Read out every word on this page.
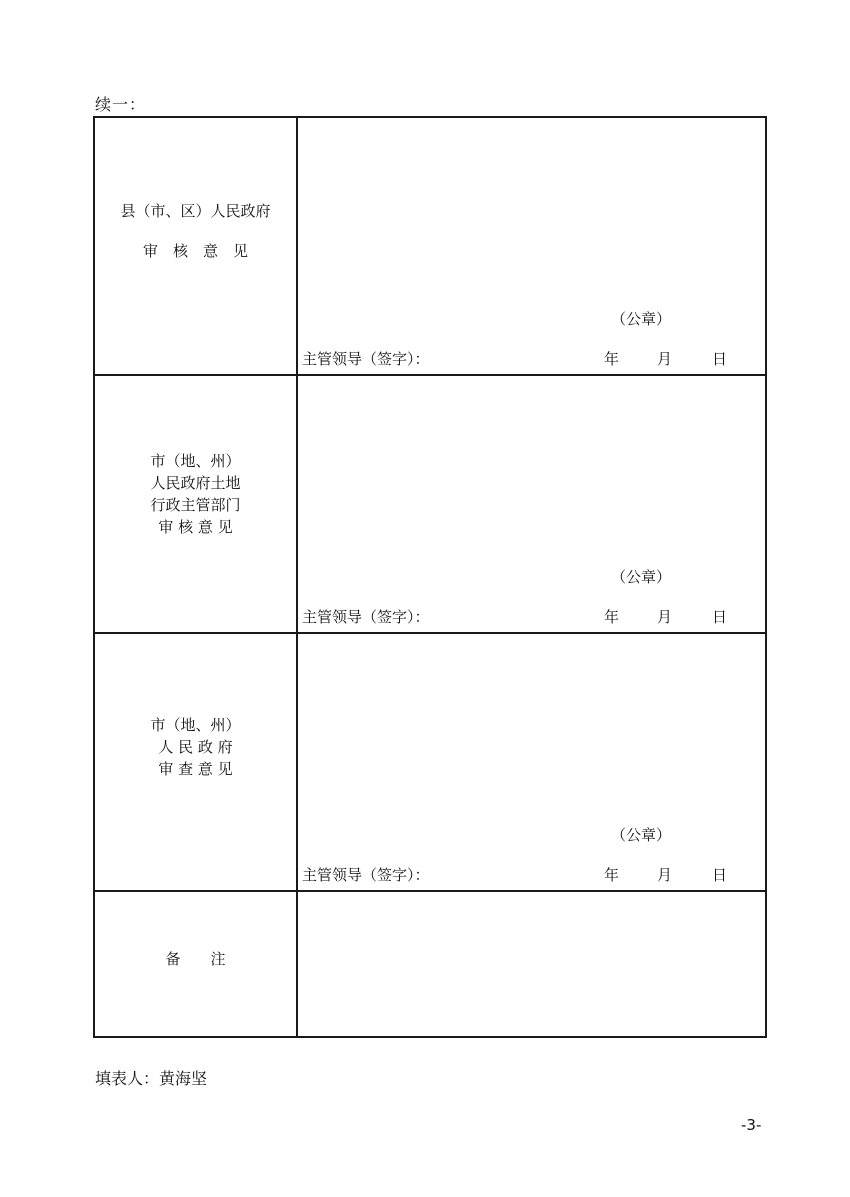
续一：
县（市、区）人民政府
审　核　意　见
（公章）
主管领导（签字）：	年	月	日
市（地、州）
人民政府土地
行政主管部门
审 核 意 见
（公章）
主管领导（签字）：	年	月	日
市（地、州）
人 民 政 府
审 查 意 见
（公章）
主管领导（签字）：	年	月	日
备　　注
填表人：黄海坚
-3-
